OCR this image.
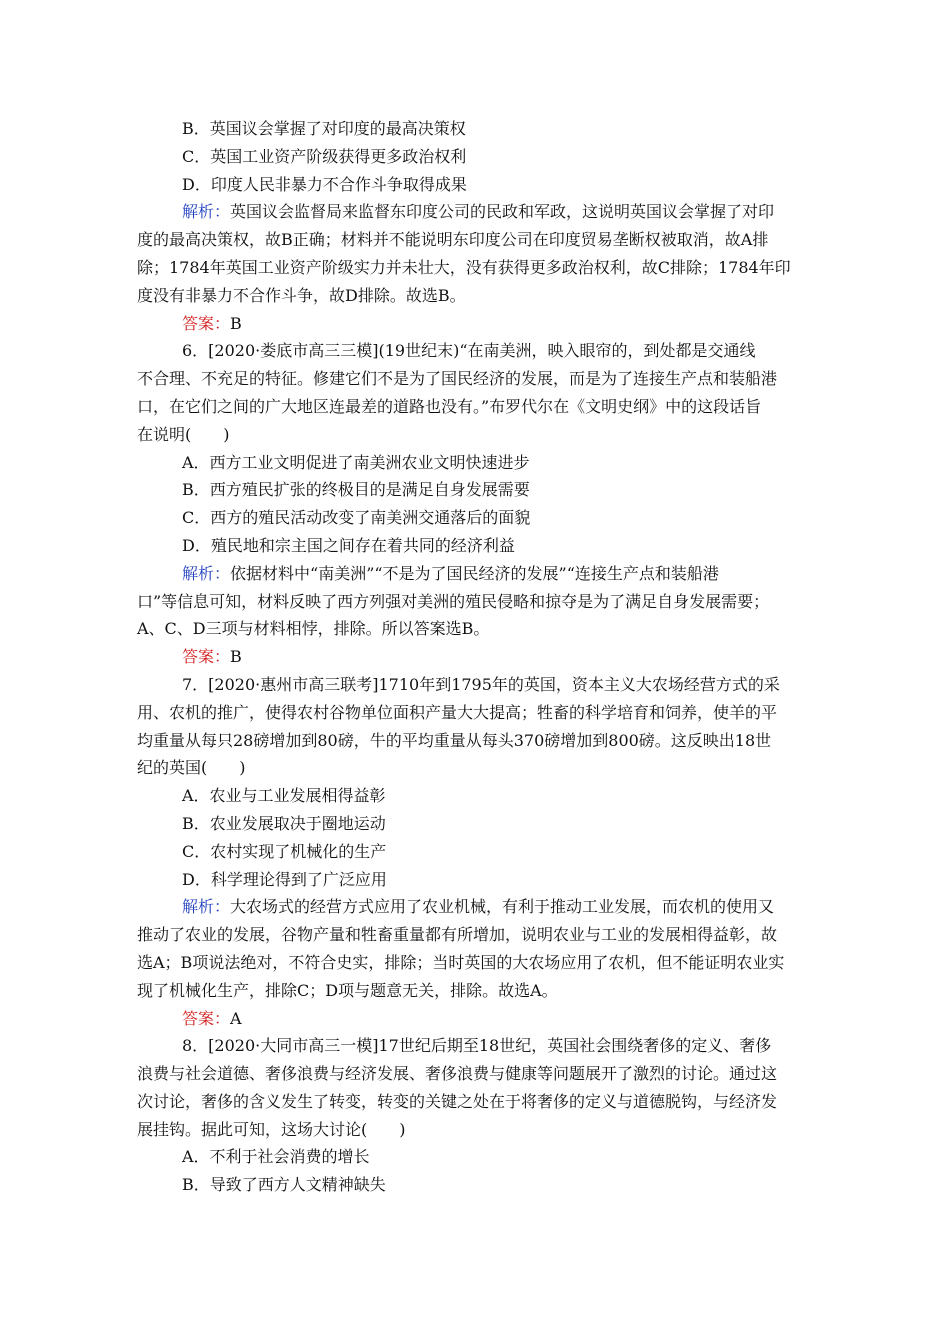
B．英国议会掌握了对印度的最高决策权
C．英国工业资产阶级获得更多政治权利
D．印度人民非暴力不合作斗争取得成果
解析：英国议会监督局来监督东印度公司的民政和军政，这说明英国议会掌握了对印
度的最高决策权，故B正确；材料并不能说明东印度公司在印度贸易垄断权被取消，故A排
除；1784年英国工业资产阶级实力并未壮大，没有获得更多政治权利，故C排除；1784年印
度没有非暴力不合作斗争，故D排除。故选B。
答案：B
6．[2020·娄底市高三三模](19世纪末)“在南美洲，映入眼帘的，到处都是交通线
不合理、不充足的特征。修建它们不是为了国民经济的发展，而是为了连接生产点和装船港
口，在它们之间的广大地区连最差的道路也没有。”布罗代尔在《文明史纲》中的这段话旨
在说明(　　)
A．西方工业文明促进了南美洲农业文明快速进步
B．西方殖民扩张的终极目的是满足自身发展需要
C．西方的殖民活动改变了南美洲交通落后的面貌
D．殖民地和宗主国之间存在着共同的经济利益
解析：依据材料中“南美洲”“不是为了国民经济的发展”“连接生产点和装船港
口”等信息可知，材料反映了西方列强对美洲的殖民侵略和掠夺是为了满足自身发展需要；
A、C、D三项与材料相悖，排除。所以答案选B。
答案：B
7．[2020·惠州市高三联考]1710年到1795年的英国，资本主义大农场经营方式的采
用、农机的推广，使得农村谷物单位面积产量大大提高；牲畜的科学培育和饲养，使羊的平
均重量从每只28磅增加到80磅，牛的平均重量从每头370磅增加到800磅。这反映出18世
纪的英国(　　)
A．农业与工业发展相得益彰
B．农业发展取决于圈地运动
C．农村实现了机械化的生产
D．科学理论得到了广泛应用
解析：大农场式的经营方式应用了农业机械，有利于推动工业发展，而农机的使用又
推动了农业的发展，谷物产量和牲畜重量都有所增加，说明农业与工业的发展相得益彰，故
选A；B项说法绝对，不符合史实，排除；当时英国的大农场应用了农机，但不能证明农业实
现了机械化生产，排除C；D项与题意无关，排除。故选A。
答案：A
8．[2020·大同市高三一模]17世纪后期至18世纪，英国社会围绕奢侈的定义、奢侈
浪费与社会道德、奢侈浪费与经济发展、奢侈浪费与健康等问题展开了激烈的讨论。通过这
次讨论，奢侈的含义发生了转变，转变的关键之处在于将奢侈的定义与道德脱钩，与经济发
展挂钩。据此可知，这场大讨论(　　)
A．不利于社会消费的增长
B．导致了西方人文精神缺失
